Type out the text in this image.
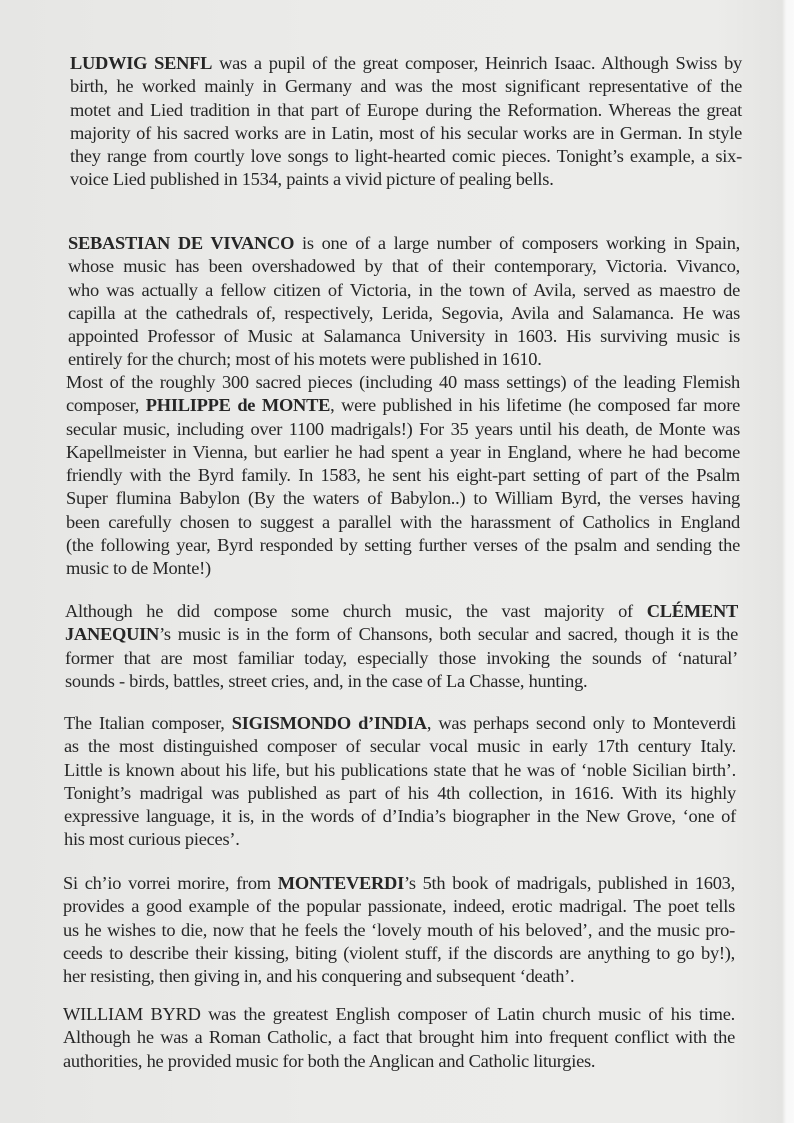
LUDWIG SENFL was a pupil of the great composer, Heinrich Isaac. Although Swiss by
birth, he worked mainly in Germany and was the most significant representative of the
motet and Lied tradition in that part of Europe during the Reformation. Whereas the great
majority of his sacred works are in Latin, most of his secular works are in German. In style
they range from courtly love songs to light-hearted comic pieces. Tonight’s example, a six-
voice Lied published in 1534, paints a vivid picture of pealing bells.
SEBASTIAN DE VIVANCO is one of a large number of composers working in Spain,
whose music has been overshadowed by that of their contemporary, Victoria. Vivanco,
who was actually a fellow citizen of Victoria, in the town of Avila, served as maestro de
capilla at the cathedrals of, respectively, Lerida, Segovia, Avila and Salamanca. He was
appointed Professor of Music at Salamanca University in 1603. His surviving music is
entirely for the church; most of his motets were published in 1610.
Most of the roughly 300 sacred pieces (including 40 mass settings) of the leading Flemish
composer, PHILIPPE de MONTE, were published in his lifetime (he composed far more
secular music, including over 1100 madrigals!) For 35 years until his death, de Monte was
Kapellmeister in Vienna, but earlier he had spent a year in England, where he had become
friendly with the Byrd family. In 1583, he sent his eight-part setting of part of the Psalm
Super flumina Babylon (By the waters of Babylon..) to William Byrd, the verses having
been carefully chosen to suggest a parallel with the harassment of Catholics in England
(the following year, Byrd responded by setting further verses of the psalm and sending the
music to de Monte!)
Although he did compose some church music, the vast majority of CLÉMENT
JANEQUIN’s music is in the form of Chansons, both secular and sacred, though it is the
former that are most familiar today, especially those invoking the sounds of ‘natural’
sounds - birds, battles, street cries, and, in the case of La Chasse, hunting.
The Italian composer, SIGISMONDO d’INDIA, was perhaps second only to Monteverdi
as the most distinguished composer of secular vocal music in early 17th century Italy.
Little is known about his life, but his publications state that he was of ‘noble Sicilian birth’.
Tonight’s madrigal was published as part of his 4th collection, in 1616. With its highly
expressive language, it is, in the words of d’India’s biographer in the New Grove, ‘one of
his most curious pieces’.
Si ch’io vorrei morire, from MONTEVERDI’s 5th book of madrigals, published in 1603,
provides a good example of the popular passionate, indeed, erotic madrigal. The poet tells
us he wishes to die, now that he feels the ‘lovely mouth of his beloved’, and the music pro-
ceeds to describe their kissing, biting (violent stuff, if the discords are anything to go by!),
her resisting, then giving in, and his conquering and subsequent ‘death’.
WILLIAM BYRD was the greatest English composer of Latin church music of his time.
Although he was a Roman Catholic, a fact that brought him into frequent conflict with the
authorities, he provided music for both the Anglican and Catholic liturgies.
